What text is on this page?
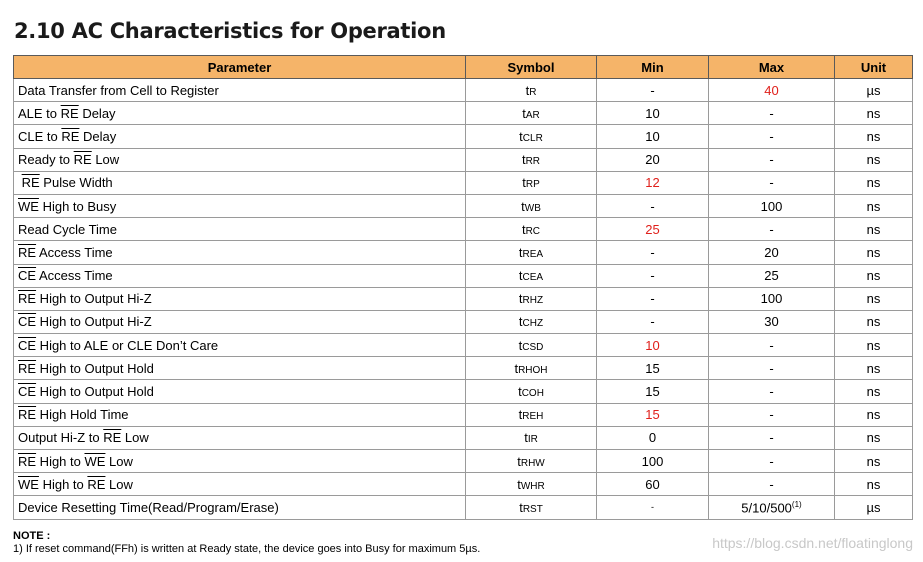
2.10 AC Characteristics for Operation
Parameter	Symbol	Min	Max	Unit
Data Transfer from Cell to Register	tR	-	40	µs
ALE to $\overline{RE}$ Delay	tAR	10	-	ns
CLE to $\overline{RE}$ Delay	tCLR	10	-	ns
Ready to $\overline{RE}$ Low	tRR	20	-	ns
$\overline{RE}$ Pulse Width	tRP	12	-	ns
$\overline{WE}$ High to Busy	tWB	-	100	ns
Read Cycle Time	tRC	25	-	ns
$\overline{RE}$ Access Time	tREA	-	20	ns
$\overline{CE}$ Access Time	tCEA	-	25	ns
$\overline{RE}$ High to Output Hi-Z	tRHZ	-	100	ns
$\overline{CE}$ High to Output Hi-Z	tCHZ	-	30	ns
$\overline{CE}$ High to ALE or CLE Don’t Care	tCSD	10	-	ns
$\overline{RE}$ High to Output Hold	tRHOH	15	-	ns
$\overline{CE}$ High to Output Hold	tCOH	15	-	ns
$\overline{RE}$ High Hold Time	tREH	15	-	ns
Output Hi-Z to $\overline{RE}$ Low	tIR	0	-	ns
$\overline{RE}$ High to $\overline{WE}$ Low	tRHW	100	-	ns
$\overline{WE}$ High to $\overline{RE}$ Low	tWHR	60	-	ns
Device Resetting Time(Read/Program/Erase)	tRST	-	5/10/500$^{(1)}$	µs
NOTE :
1) If reset command(FFh) is written at Ready state, the device goes into Busy for maximum 5µs.	https://blog.csdn.net/floatinglong
